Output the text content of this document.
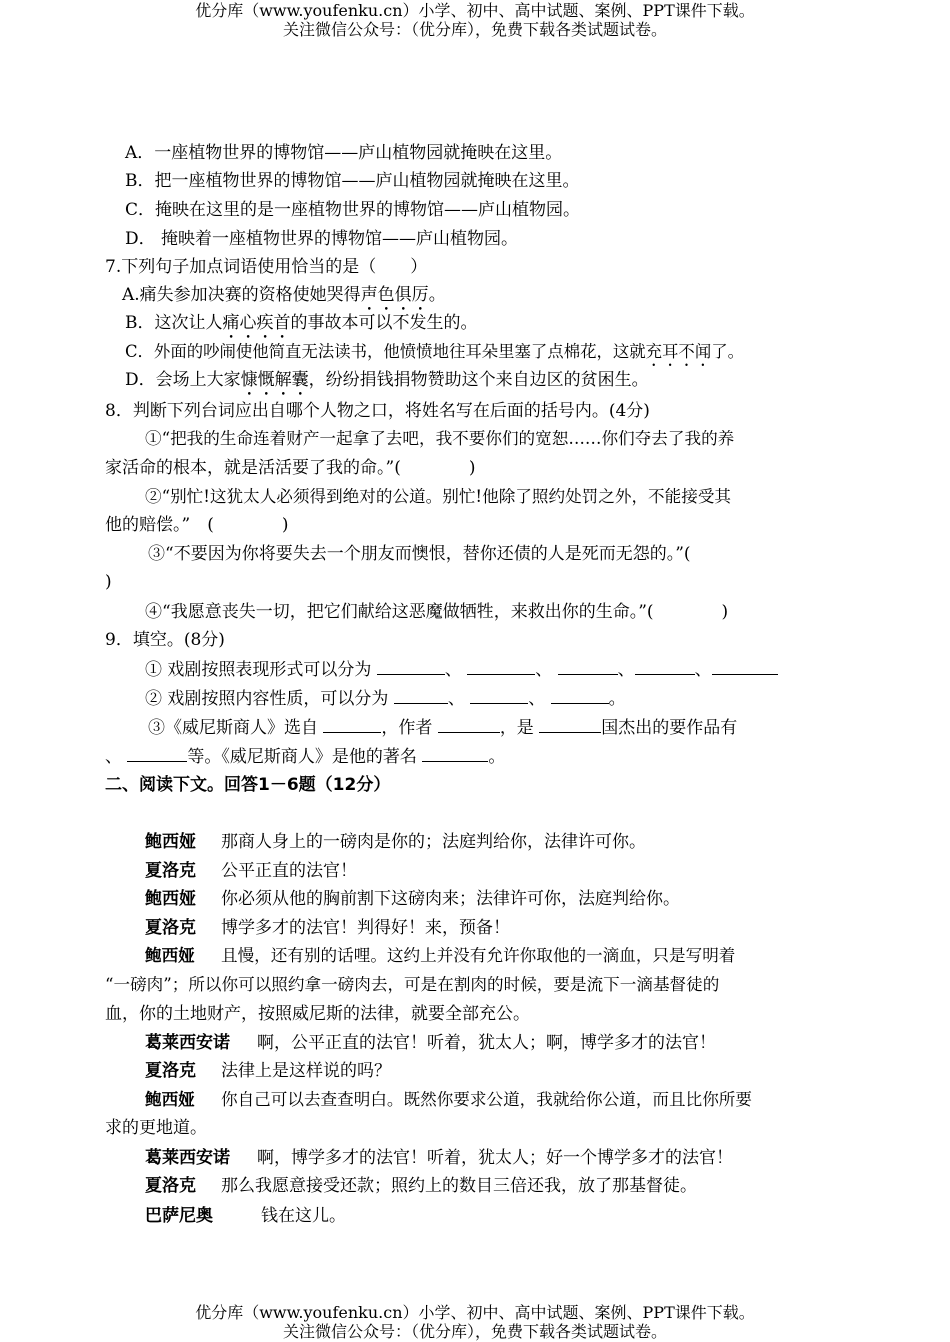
优分库（www.youfenku.cn）小学、初中、高中试题、案例、PPT课件下载。
关注微信公众号：（优分库），免费下载各类试题试卷。
A．一座植物世界的博物馆——庐山植物园就掩映在这里。
B．把一座植物世界的博物馆——庐山植物园就掩映在这里。
C．掩映在这里的是一座植物世界的博物馆——庐山植物园。
D． 掩映着一座植物世界的博物馆——庐山植物园。
7.下列句子加点词语使用恰当的是（　　）
A.痛失参加决赛的资格使她哭得声色俱厉。
B．这次让人痛心疾首的事故本可以不发生的。
C．外面的吵闹使他简直无法读书，他愤愤地往耳朵里塞了点棉花，这就充耳不闻了。
D．会场上大家慷慨解囊，纷纷捐钱捐物赞助这个来自边区的贫困生。
8．判断下列台词应出自哪个人物之口，将姓名写在后面的括号内。(4分)
①“把我的生命连着财产一起拿了去吧，我不要你们的宽恕……你们夺去了我的养
家活命的根本，就是活活要了我的命。”(　　　　)
②“别忙!这犹太人必须得到绝对的公道。别忙!他除了照约处罚之外，不能接受其
他的赔偿。”　(　　　　)
③“不要因为你将要失去一个朋友而懊恨，替你还债的人是死而无怨的。”(
)
④“我愿意丧失一切，把它们献给这恶魔做牺牲，来救出你的生命。”(　　　　)
9．填空。(8分)
① 戏剧按照表现形式可以分为	、	、	、	、
② 戏剧按照内容性质，可以分为	、	、	。
③《威尼斯商人》选自	，作者	，是	国杰出的要作品有
、	等。《威尼斯商人》是他的著名	。
二、阅读下文。回答1－6题（12分）
鲍西娅 那商人身上的一磅肉是你的；法庭判给你，法律许可你。
夏洛克 公平正直的法官！
鲍西娅 你必须从他的胸前割下这磅肉来；法律许可你，法庭判给你。
夏洛克 博学多才的法官！判得好！来，预备！
鲍西娅 且慢，还有别的话哩。这约上并没有允许你取他的一滴血，只是写明着
“一磅肉”；所以你可以照约拿一磅肉去，可是在割肉的时候，要是流下一滴基督徒的
血，你的土地财产，按照威尼斯的法律，就要全部充公。
葛莱西安诺 啊，公平正直的法官！听着，犹太人；啊，博学多才的法官！
夏洛克 法律上是这样说的吗？
鲍西娅 你自己可以去查查明白。既然你要求公道，我就给你公道，而且比你所要
求的更地道。
葛莱西安诺 啊，博学多才的法官！听着，犹太人；好一个博学多才的法官！
夏洛克 那么我愿意接受还款；照约上的数目三倍还我，放了那基督徒。
巴萨尼奥	钱在这儿。
优分库（www.youfenku.cn）小学、初中、高中试题、案例、PPT课件下载。
关注微信公众号：（优分库），免费下载各类试题试卷。
